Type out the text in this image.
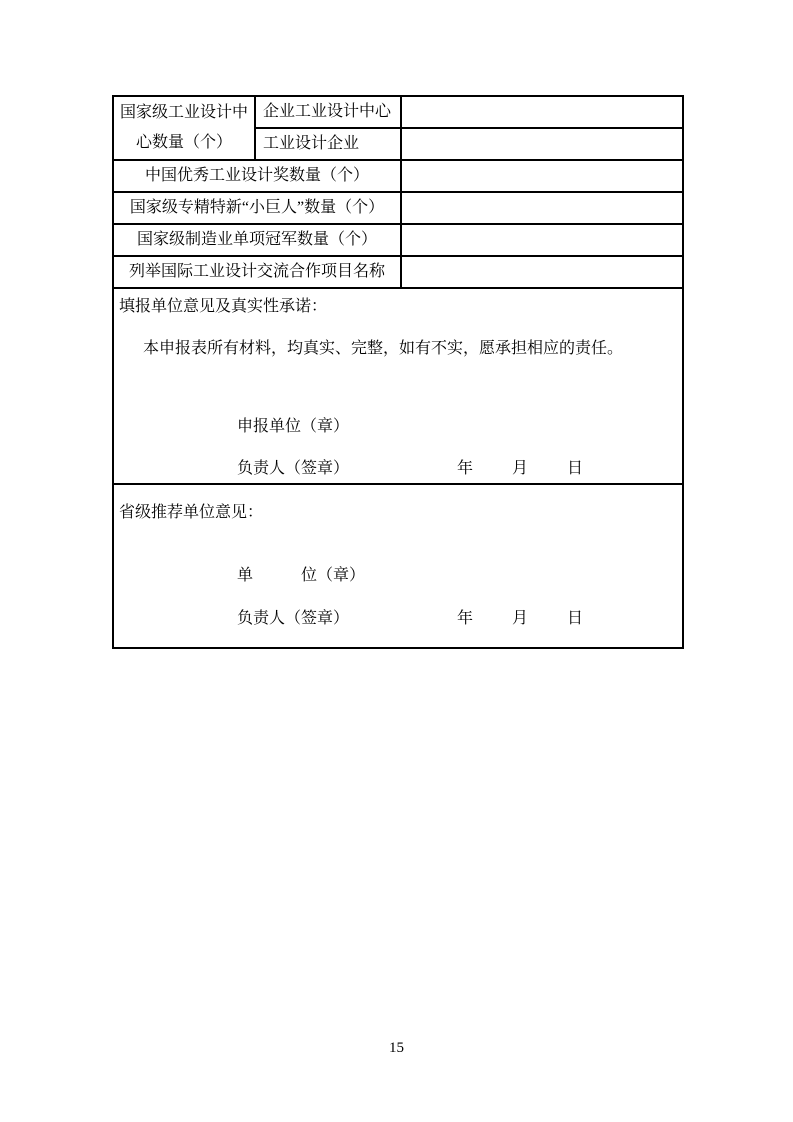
国家级工业设计中心数量（个）	企业工业设计中心	
	工业设计企业	
中国优秀工业设计奖数量（个）		
国家级专精特新“小巨人”数量（个）		
国家级制造业单项冠军数量（个）		
列举国际工业设计交流合作项目名称		

填报单位意见及真实性承诺：
本申报表所有材料，均真实、完整，如有不实，愿承担相应的责任。
申报单位（章）
负责人（签章）	年 月 日

省级推荐单位意见：
单　　　位（章）
负责人（签章）	年 月 日
15
